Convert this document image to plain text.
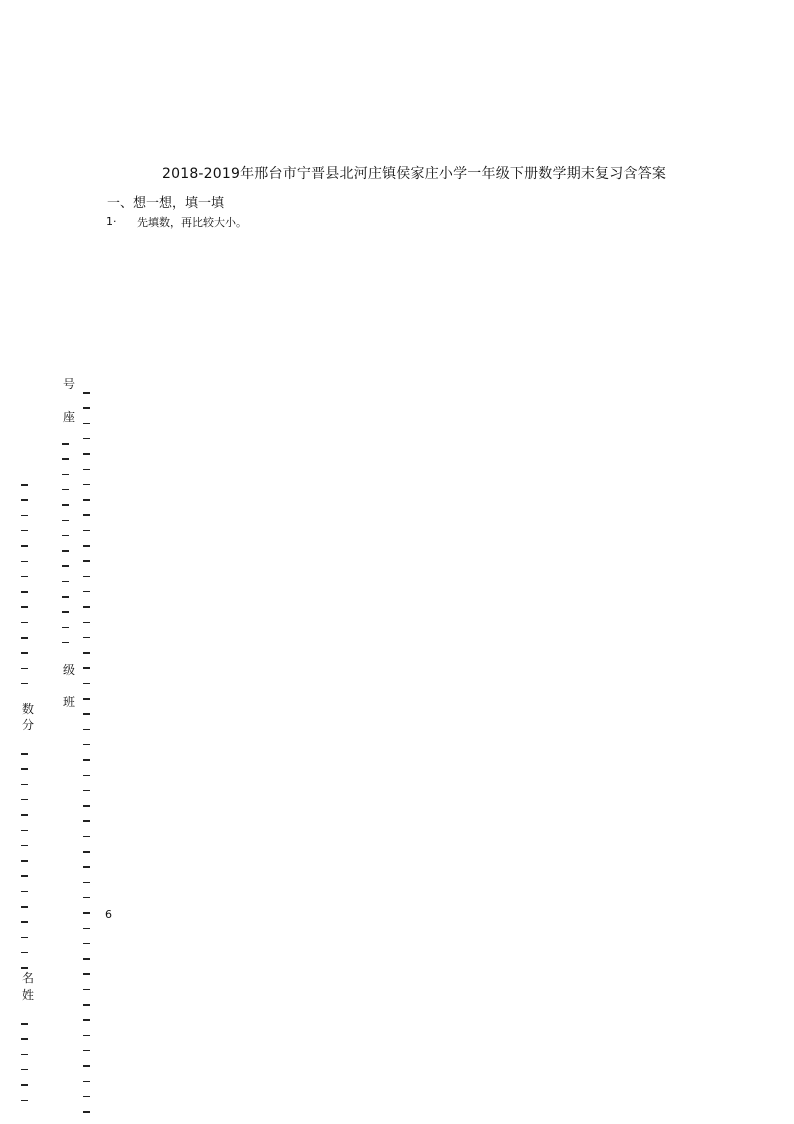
2018-2019年邢台市宁晋县北河庄镇侯家庄小学一年级下册数学期末复习含答案
一、想一想，填一填
1· 先填数，再比较大小。
6
号
座
级
班
数
分
名
姓
